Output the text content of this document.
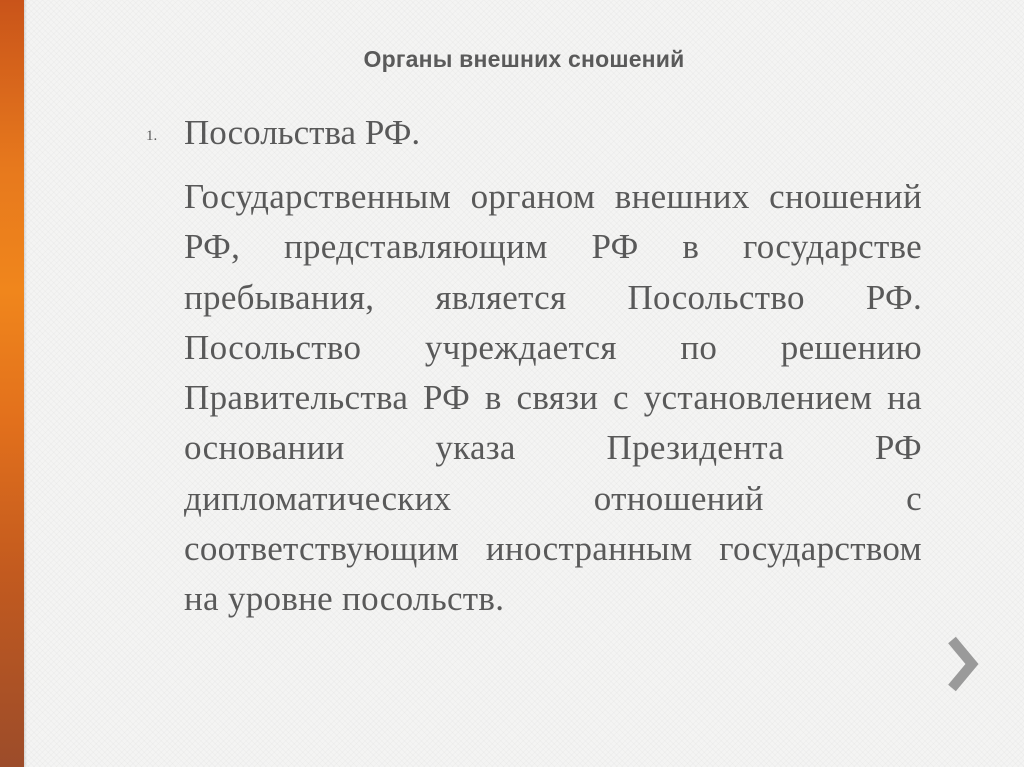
Органы внешних сношений
1. Посольства РФ.

Государственным органом внешних сношений РФ, представляющим РФ в государстве пребывания, является Посольство РФ. Посольство учреждается по решению Правительства РФ в связи с установлением на основании указа Президента РФ дипломатических отношений с соответствующим иностранным государством на уровне посольств.
